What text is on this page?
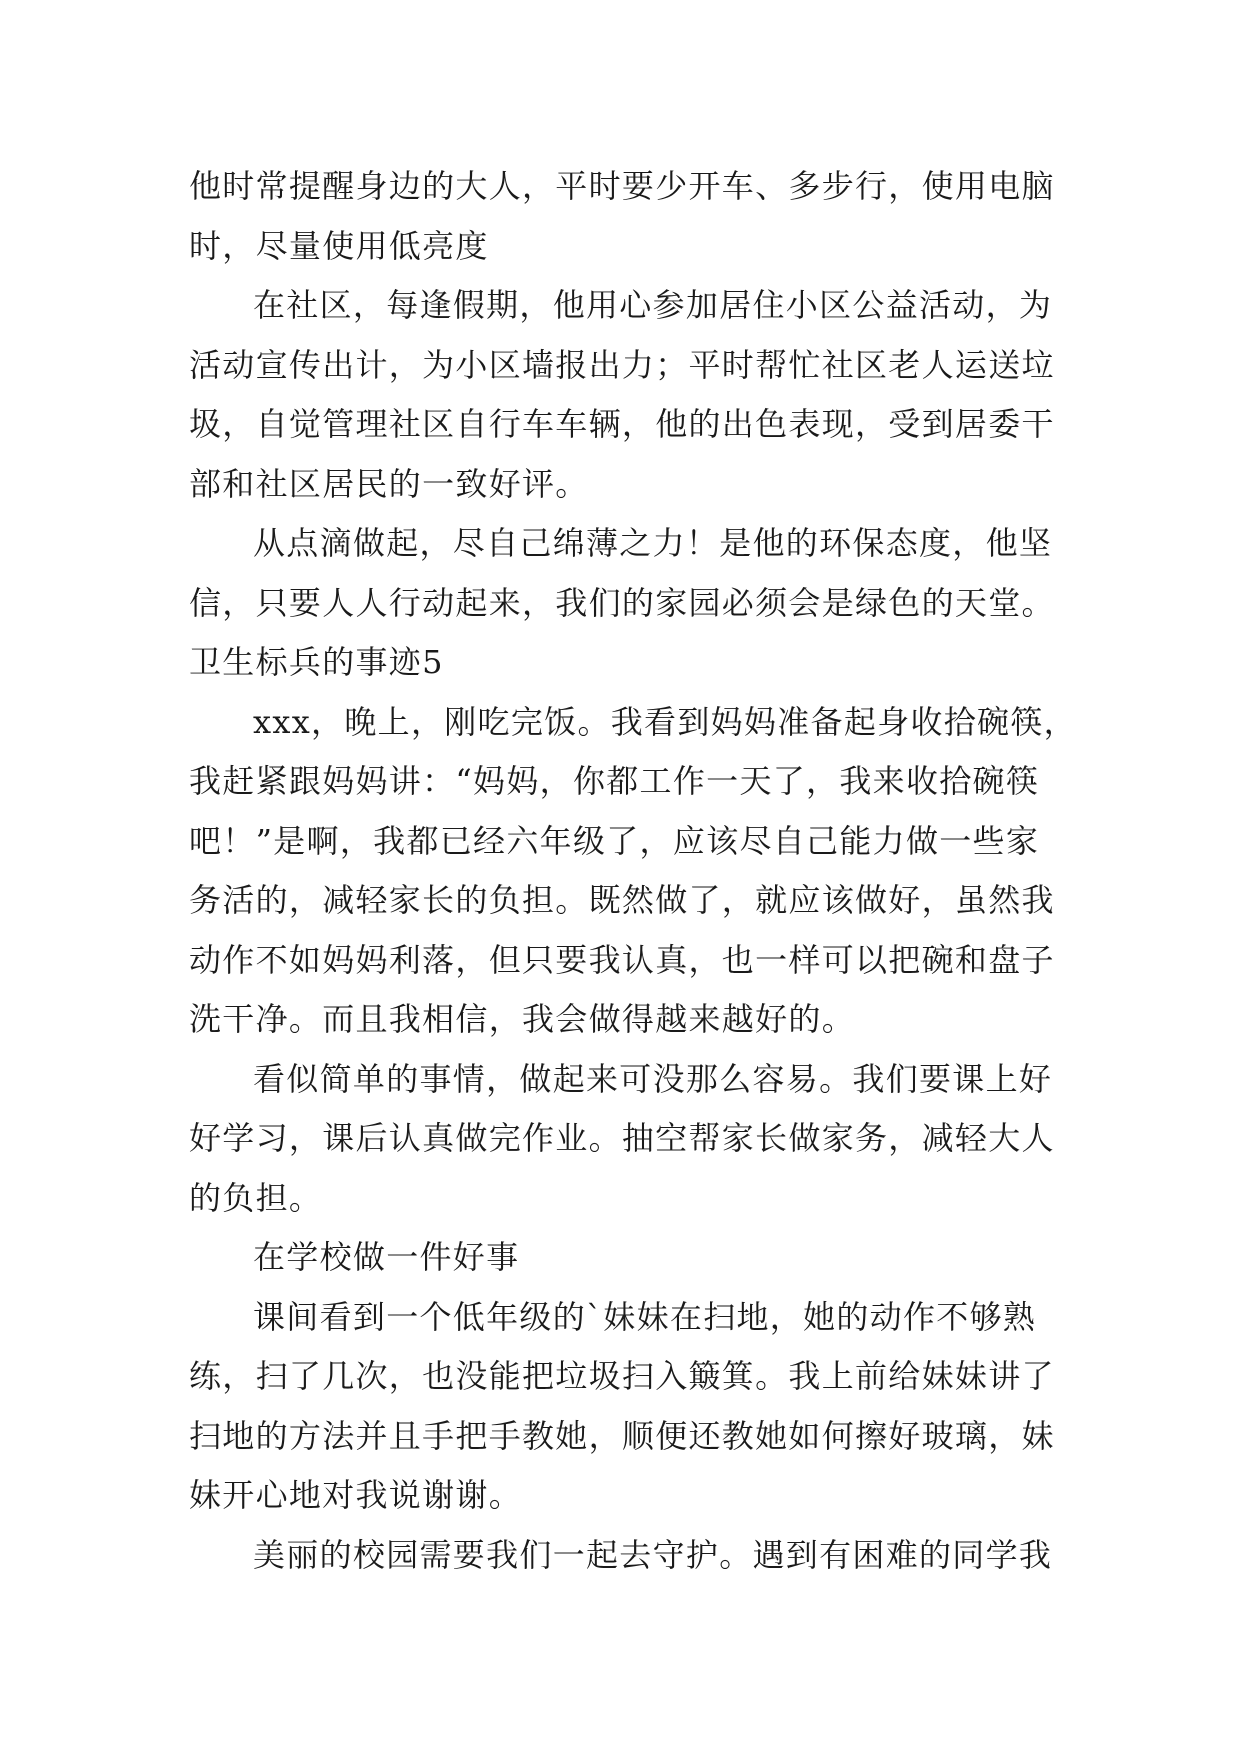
他时常提醒身边的大人，平时要少开车、多步行，使用电脑
时，尽量使用低亮度
在社区，每逢假期，他用心参加居住小区公益活动，为
活动宣传出计，为小区墙报出力；平时帮忙社区老人运送垃
圾，自觉管理社区自行车车辆，他的出色表现，受到居委干
部和社区居民的一致好评。
从点滴做起，尽自己绵薄之力！是他的环保态度，他坚
信，只要人人行动起来，我们的家园必须会是绿色的天堂。
卫生标兵的事迹5
xxx，晚上，刚吃完饭。我看到妈妈准备起身收拾碗筷，
我赶紧跟妈妈讲：“妈妈，你都工作一天了，我来收拾碗筷
吧！”是啊，我都已经六年级了，应该尽自己能力做一些家
务活的，减轻家长的负担。既然做了，就应该做好，虽然我
动作不如妈妈利落，但只要我认真，也一样可以把碗和盘子
洗干净。而且我相信，我会做得越来越好的。
看似简单的事情，做起来可没那么容易。我们要课上好
好学习，课后认真做完作业。抽空帮家长做家务，减轻大人
的负担。
在学校做一件好事
课间看到一个低年级的`妹妹在扫地，她的动作不够熟
练，扫了几次，也没能把垃圾扫入簸箕。我上前给妹妹讲了
扫地的方法并且手把手教她，顺便还教她如何擦好玻璃，妹
妹开心地对我说谢谢。
美丽的校园需要我们一起去守护。遇到有困难的同学我
